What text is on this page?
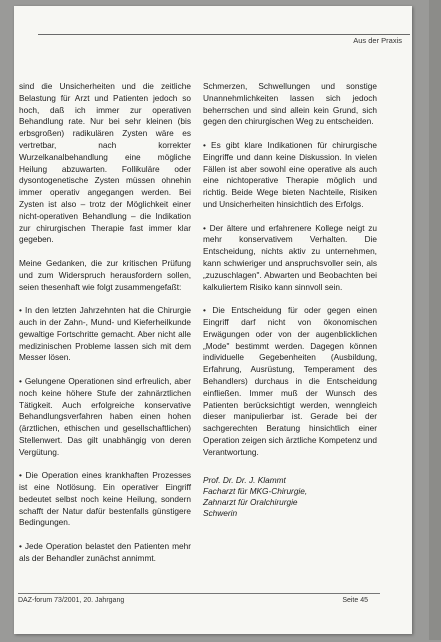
Aus der Praxis

sind die Unsicherheiten und die zeitliche Belastung für Arzt und Patienten jedoch so hoch, daß ich immer zur operativen Behandlung rate. Nur bei sehr kleinen (bis erbsgroßen) radikulären Zysten wäre es vertretbar, nach korrekter Wurzelkanalbehandlung eine mögliche Heilung abzuwarten. Follikuläre oder dysontogenetische Zysten müssen ohnehin immer operativ angegangen werden. Bei Zysten ist also – trotz der Möglichkeit einer nicht-operativen Behandlung – die Indikation zur chirurgischen Therapie fast immer klar gegeben.

Meine Gedanken, die zur kritischen Prüfung und zum Widerspruch herausfordern sollen, seien thesenhaft wie folgt zusammengefaßt:

• In den letzten Jahrzehnten hat die Chirurgie auch in der Zahn-, Mund- und Kieferheilkunde gewaltige Fortschritte gemacht. Aber nicht alle medizinischen Probleme lassen sich mit dem Messer lösen.

• Gelungene Operationen sind erfreulich, aber noch keine höhere Stufe der zahnärztlichen Tätigkeit. Auch erfolgreiche konservative Behandlungsverfahren haben einen hohen (ärztlichen, ethischen und gesellschaftlichen) Stellenwert. Das gilt unabhängig von deren Vergütung.

• Die Operation eines krankhaften Prozesses ist eine Notlösung. Ein operativer Eingriff bedeutet selbst noch keine Heilung, sondern schafft der Natur dafür bestenfalls günstigere Bedingungen.

• Jede Operation belastet den Patienten mehr als der Behandler zunächst annimmt.

Schmerzen, Schwellungen und sonstige Unannehmlichkeiten lassen sich jedoch beherrschen und sind allein kein Grund, sich gegen den chirurgischen Weg zu entscheiden.

• Es gibt klare Indikationen für chirurgische Eingriffe und dann keine Diskussion. In vielen Fällen ist aber sowohl eine operative als auch eine nichtoperative Therapie möglich und richtig. Beide Wege bieten Nachteile, Risiken und Unsicherheiten hinsichtlich des Erfolgs.

• Der ältere und erfahrenere Kollege neigt zu mehr konservativem Verhalten. Die Entscheidung, nichts aktiv zu unternehmen, kann schwieriger und anspruchsvoller sein, als „zuzuschlagen". Abwarten und Beobachten bei kalkuliertem Risiko kann sinnvoll sein.

• Die Entscheidung für oder gegen einen Eingriff darf nicht von ökonomischen Erwägungen oder von der augenblicklichen „Mode" bestimmt werden. Dagegen können individuelle Gegebenheiten (Ausbildung, Erfahrung, Ausrüstung, Temperament des Behandlers) durchaus in die Entscheidung einfließen. Immer muß der Wunsch des Patienten berücksichtigt werden, wenngleich dieser manipulierbar ist. Gerade bei der sachgerechten Beratung hinsichtlich einer Operation zeigen sich ärztliche Kompetenz und Verantwortung.

Prof. Dr. Dr. J. Klammt
Facharzt für MKG-Chirurgie,
Zahnarzt für Oralchirurgie
Schwerin
DAZ-forum 73/2001, 20. Jahrgang	Seite 45
